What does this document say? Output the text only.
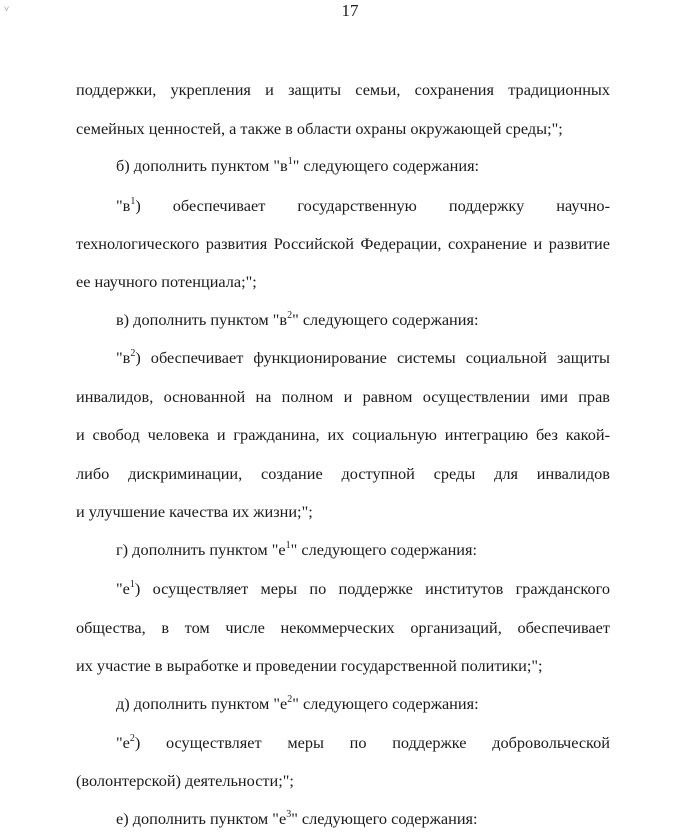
˅	17
поддержки, укрепления и защиты семьи, сохранения традиционных
семейных ценностей, а также в области охраны окружающей среды;";
б) дополнить пунктом "$в^1$" следующего содержания:
"$в^1$) обеспечивает государственную поддержку научно-
технологического развития Российской Федерации, сохранение и развитие
ее научного потенциала;";
в) дополнить пунктом "$в^2$" следующего содержания:
"$в^2$) обеспечивает функционирование системы социальной защиты
инвалидов, основанной на полном и равном осуществлении ими прав
и свобод человека и гражданина, их социальную интеграцию без какой-
либо дискриминации, создание доступной среды для инвалидов
и улучшение качества их жизни;";
г) дополнить пунктом "$е^1$" следующего содержания:
"$е^1$) осуществляет меры по поддержке институтов гражданского
общества, в том числе некоммерческих организаций, обеспечивает
их участие в выработке и проведении государственной политики;";
д) дополнить пунктом "$е^2$" следующего содержания:
"$е^2$) осуществляет меры по поддержке добровольческой
(волонтерской) деятельности;";
е) дополнить пунктом "$е^3$" следующего содержания:
